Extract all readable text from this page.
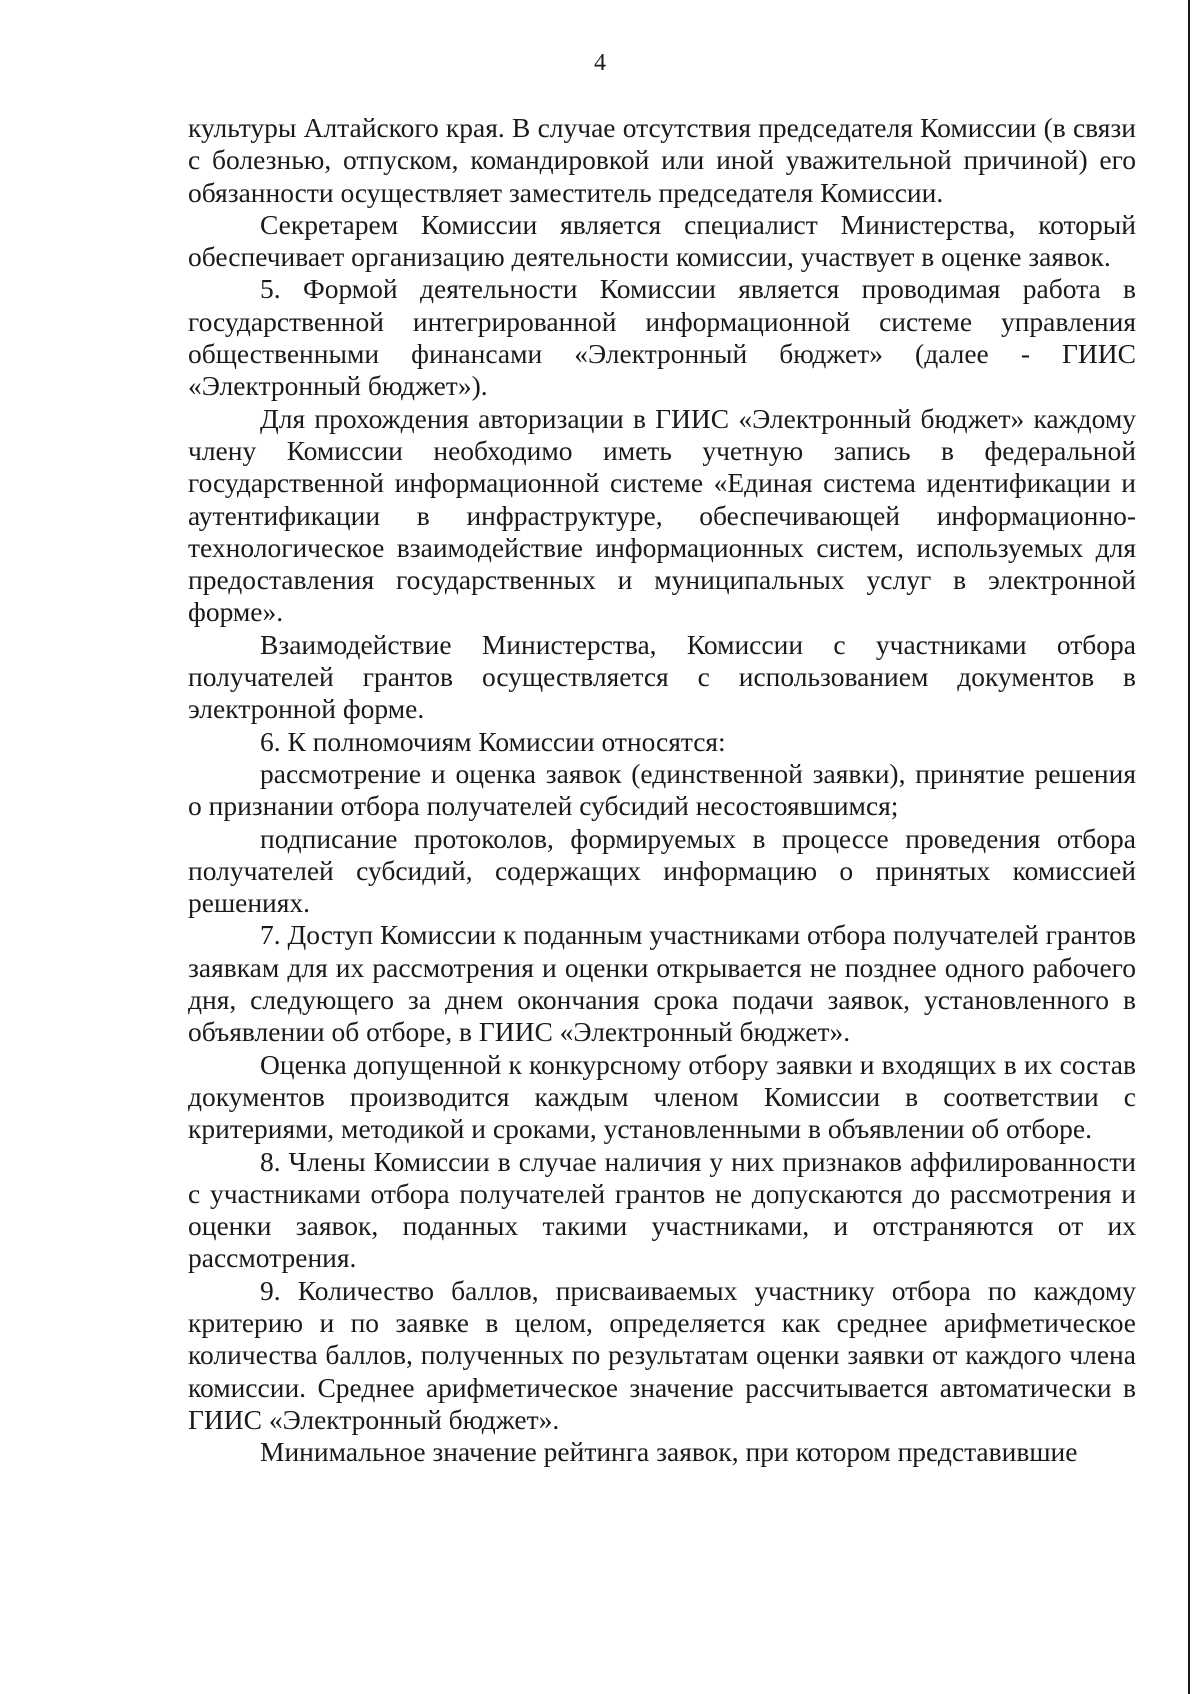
4

культуры Алтайского края. В случае отсутствия председателя Комиссии (в связи с болезнью, отпуском, командировкой или иной уважительной причиной) его обязанности осуществляет заместитель председателя Комиссии.

Секретарем Комиссии является специалист Министерства, который обеспечивает организацию деятельности комиссии, участвует в оценке заявок.

5. Формой деятельности Комиссии является проводимая работа в государственной интегрированной информационной системе управления общественными финансами «Электронный бюджет» (далее - ГИИС «Электронный бюджет»).

Для прохождения авторизации в ГИИС «Электронный бюджет» каждому члену Комиссии необходимо иметь учетную запись в федеральной государственной информационной системе «Единая система идентификации и аутентификации в инфраструктуре, обеспечивающей информационно-технологическое взаимодействие информационных систем, используемых для предоставления государственных и муниципальных услуг в электронной форме».

Взаимодействие Министерства, Комиссии с участниками отбора получателей грантов осуществляется с использованием документов в электронной форме.

6. К полномочиям Комиссии относятся:

рассмотрение и оценка заявок (единственной заявки), принятие решения о признании отбора получателей субсидий несостоявшимся;

подписание протоколов, формируемых в процессе проведения отбора получателей субсидий, содержащих информацию о принятых комиссией решениях.

7. Доступ Комиссии к поданным участниками отбора получателей грантов заявкам для их рассмотрения и оценки открывается не позднее одного рабочего дня, следующего за днем окончания срока подачи заявок, установленного в объявлении об отборе, в ГИИС «Электронный бюджет».

Оценка допущенной к конкурсному отбору заявки и входящих в их состав документов производится каждым членом Комиссии в соответствии с критериями, методикой и сроками, установленными в объявлении об отборе.

8. Члены Комиссии в случае наличия у них признаков аффилированности с участниками отбора получателей грантов не допускаются до рассмотрения и оценки заявок, поданных такими участниками, и отстраняются от их рассмотрения.

9. Количество баллов, присваиваемых участнику отбора по каждому критерию и по заявке в целом, определяется как среднее арифметическое количества баллов, полученных по результатам оценки заявки от каждого члена комиссии. Среднее арифметическое значение рассчитывается автоматически в ГИИС «Электронный бюджет».

Минимальное значение рейтинга заявок, при котором представившие
